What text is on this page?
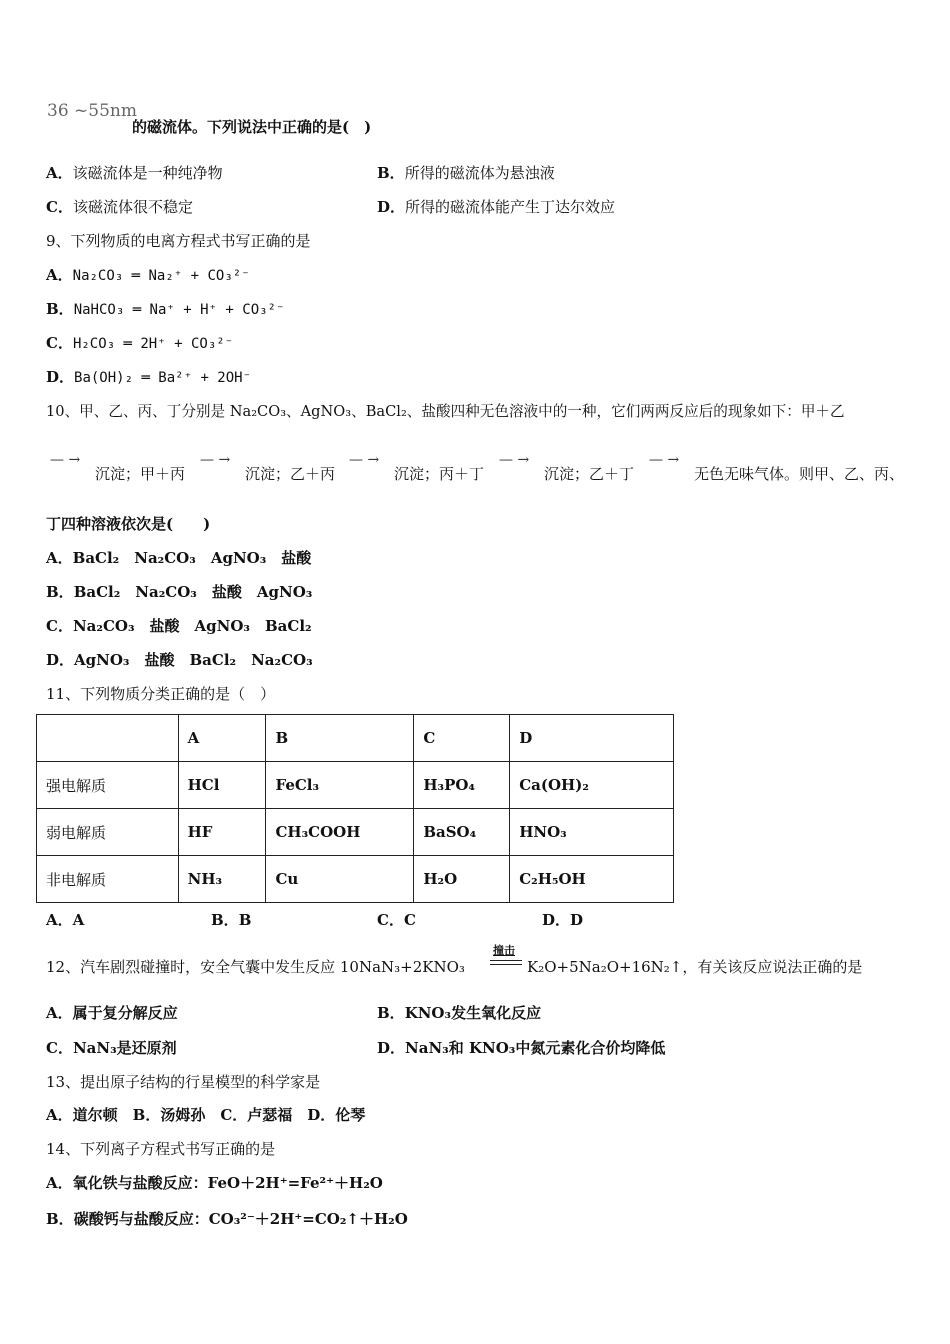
36 ~55nm
的磁流体。下列说法中正确的是(　)
A．该磁流体是一种纯净物	B．所得的磁流体为悬浊液
C．该磁流体很不稳定	D．所得的磁流体能产生丁达尔效应
9、下列物质的电离方程式书写正确的是
A．Na₂CO₃ ═ Na₂⁺ + CO₃²⁻
B．NaHCO₃ ═ Na⁺ + H⁺ + CO₃²⁻
C．H₂CO₃ ═ 2H⁺ + CO₃²⁻
D．Ba(OH)₂ ═ Ba²⁺ + 2OH⁻
10、甲、乙、丙、丁分别是 Na₂CO₃、AgNO₃、BaCl₂、盐酸四种无色溶液中的一种，它们两两反应后的现象如下：甲＋乙
— →
沉淀；甲＋丙
— →
沉淀；乙＋丙
— →
沉淀；丙＋丁
— →
沉淀；乙＋丁
— →
无色无味气体。则甲、乙、丙、
丁四种溶液依次是(　　)
A．BaCl₂　Na₂CO₃　AgNO₃　盐酸
B．BaCl₂　Na₂CO₃　盐酸　AgNO₃
C．Na₂CO₃　盐酸　AgNO₃　BaCl₂
D．AgNO₃　盐酸　BaCl₂　Na₂CO₃
11、下列物质分类正确的是（　）
	A	B	C	D
强电解质	HCl	FeCl₃	H₃PO₄	Ca(OH)₂
弱电解质	HF	CH₃COOH	BaSO₄	HNO₃
非电解质	NH₃	Cu	H₂O	C₂H₅OH
A．A	B．B	C．C	D．D
12、汽车剧烈碰撞时，安全气囊中发生反应 10NaN₃+2KNO₃
撞击
K₂O+5Na₂O+16N₂↑，有关该反应说法正确的是
A．属于复分解反应	B．KNO₃发生氧化反应
C．NaN₃是还原剂	D．NaN₃和 KNO₃中氮元素化合价均降低
13、提出原子结构的行星模型的科学家是
A．道尔顿　B．汤姆孙　C．卢瑟福　D．伦琴
14、下列离子方程式书写正确的是
A．氧化铁与盐酸反应：FeO＋2H⁺=Fe²⁺＋H₂O
B．碳酸钙与盐酸反应：CO₃²⁻＋2H⁺=CO₂↑＋H₂O
